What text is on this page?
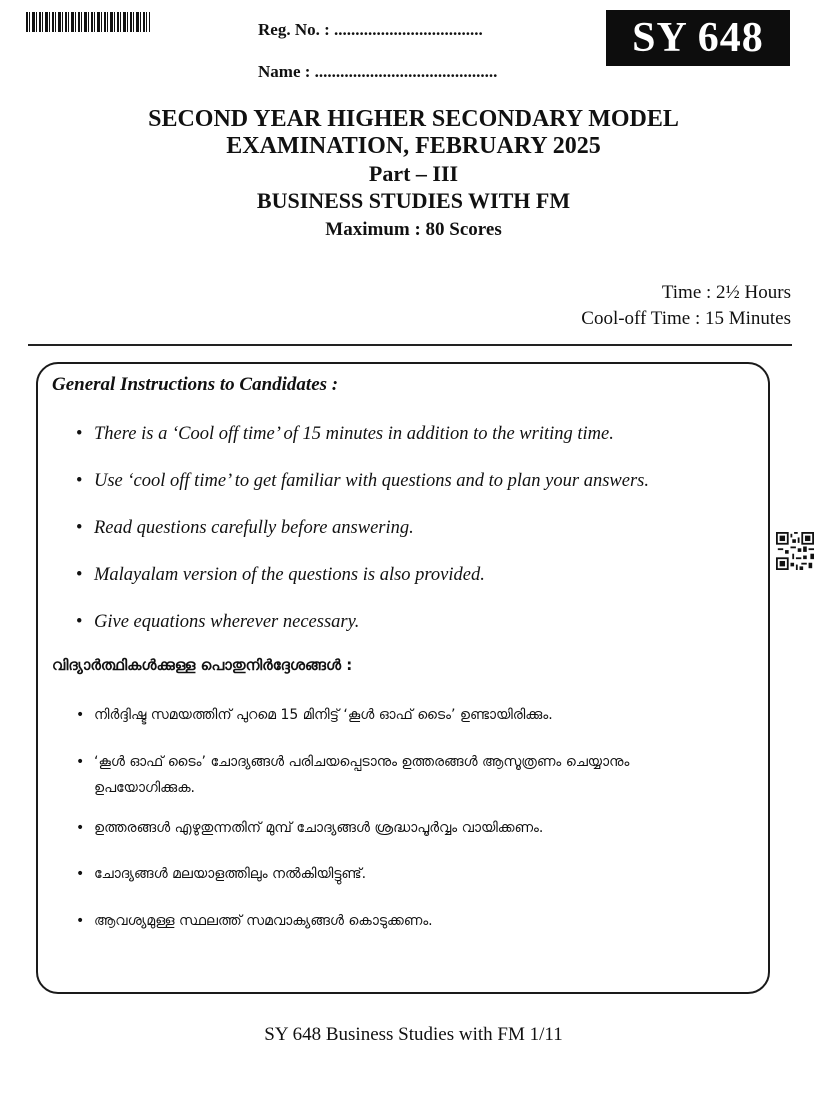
Reg. No. : ...................................
Name : ...........................................
SY 648
SECOND YEAR HIGHER SECONDARY MODEL
EXAMINATION, FEBRUARY 2025
Part – III
BUSINESS STUDIES WITH FM
Maximum : 80 Scores
Time : 2½ Hours
Cool-off Time : 15 Minutes
General Instructions to Candidates :
• There is a ‘Cool off time’ of 15 minutes in addition to the writing time.
• Use ‘cool off time’ to get familiar with questions and to plan your answers.
• Read questions carefully before answering.
• Malayalam version of the questions is also provided.
• Give equations wherever necessary.
വിദ്യാർത്ഥികൾക്കുള്ള പൊതുനിർദ്ദേശങ്ങൾ :
• നിർദ്ദിഷ്ട സമയത്തിന് പുറമെ 15 മിനിട്ട് ‘കൂൾ ഓഫ് ടൈം’ ഉണ്ടായിരിക്കും.
• ‘കൂൾ ഓഫ് ടൈം’ ചോദ്യങ്ങൾ പരിചയപ്പെടാനും ഉത്തരങ്ങൾ ആസൂത്രണം ചെയ്യാനും ഉപയോഗിക്കുക.
• ഉത്തരങ്ങൾ എഴുതുന്നതിന് മുമ്പ് ചോദ്യങ്ങൾ ശ്രദ്ധാപൂർവ്വം വായിക്കണം.
• ചോദ്യങ്ങൾ മലയാളത്തിലും നൽകിയിട്ടുണ്ട്.
• ആവശ്യമുള്ള സ്ഥലത്ത് സമവാക്യങ്ങൾ കൊടുക്കണം.
SY 648 Business Studies with FM 1/11
